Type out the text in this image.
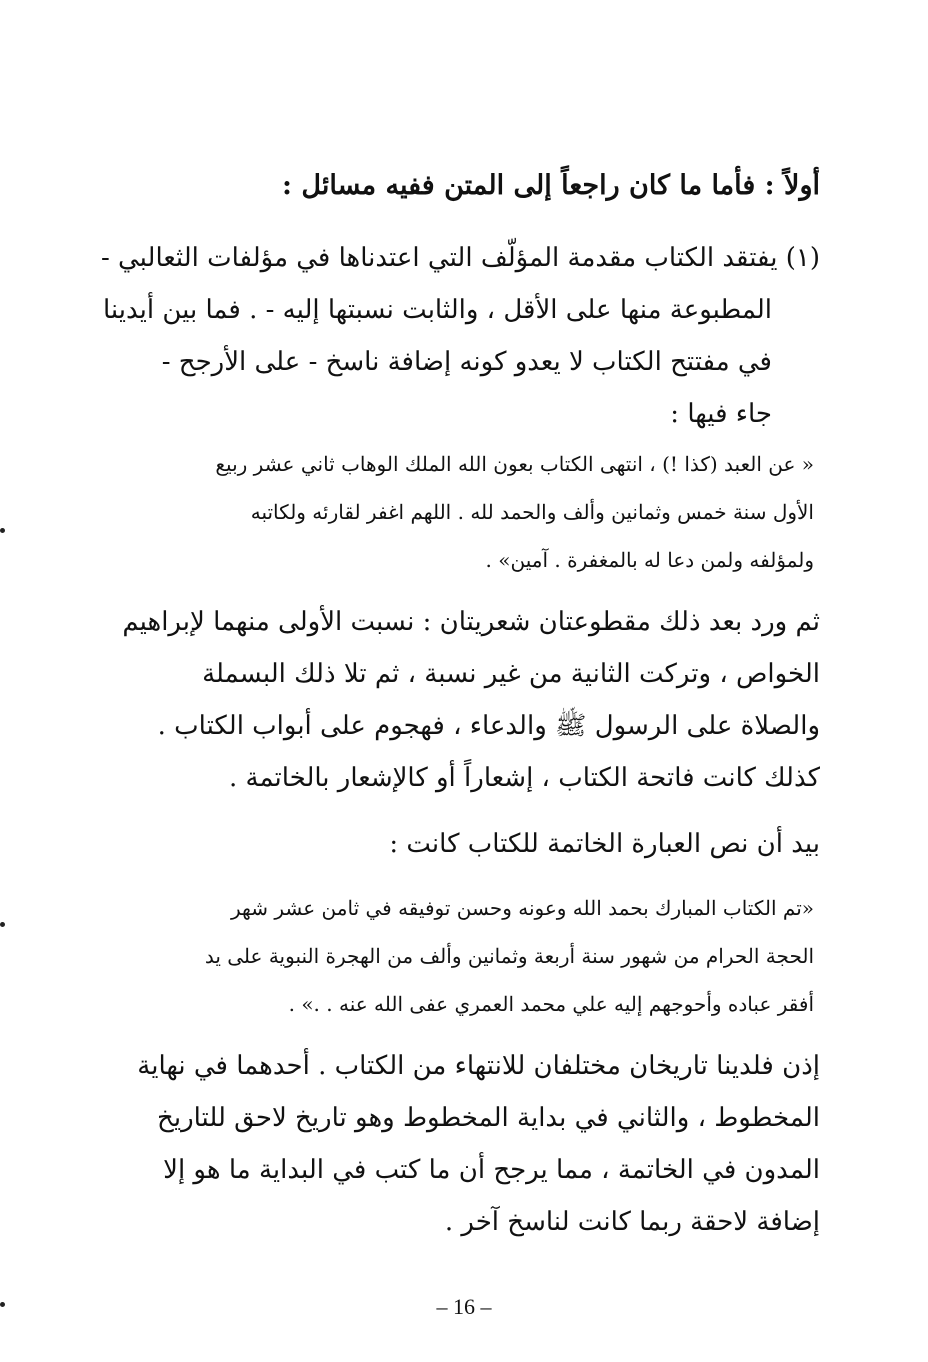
أولاً : فأما ما كان راجعاً إلى المتن ففيه مسائل :
(١) يفتقد الكتاب مقدمة المؤلّف التي اعتدناها في مؤلفات الثعالبي -
المطبوعة منها على الأقل ، والثابت نسبتها إليه - . فما بين أيدينا
في مفتتح الكتاب لا يعدو كونه إضافة ناسخ - على الأرجح -
جاء فيها :
« عن العبد (كذا !) ، انتهى الكتاب بعون الله الملك الوهاب ثاني عشر ربيع
الأول سنة خمس وثمانين وألف والحمد لله . اللهم اغفر لقارئه ولكاتبه
ولمؤلفه ولمن دعا له بالمغفرة . آمين» .
ثم ورد بعد ذلك مقطوعتان شعريتان : نسبت الأولى منهما لإبراهيم
الخواص ، وتركت الثانية من غير نسبة ، ثم تلا ذلك البسملة
والصلاة على الرسول ﷺ والدعاء ، فهجوم على أبواب الكتاب .
كذلك كانت فاتحة الكتاب ، إشعاراً أو كالإشعار بالخاتمة .
بيد أن نص العبارة الخاتمة للكتاب كانت :
«تم الكتاب المبارك بحمد الله وعونه وحسن توفيقه في ثامن عشر شهر
الحجة الحرام من شهور سنة أربعة وثمانين وألف من الهجرة النبوية على يد
أفقر عباده وأحوجهم إليه علي محمد العمري عفى الله عنه . .» .
إذن فلدينا تاريخان مختلفان للانتهاء من الكتاب . أحدهما في نهاية
المخطوط ، والثاني في بداية المخطوط وهو تاريخ لاحق للتاريخ
المدون في الخاتمة ، مما يرجح أن ما كتب في البداية ما هو إلا
إضافة لاحقة ربما كانت لناسخ آخر .
– 16 –
